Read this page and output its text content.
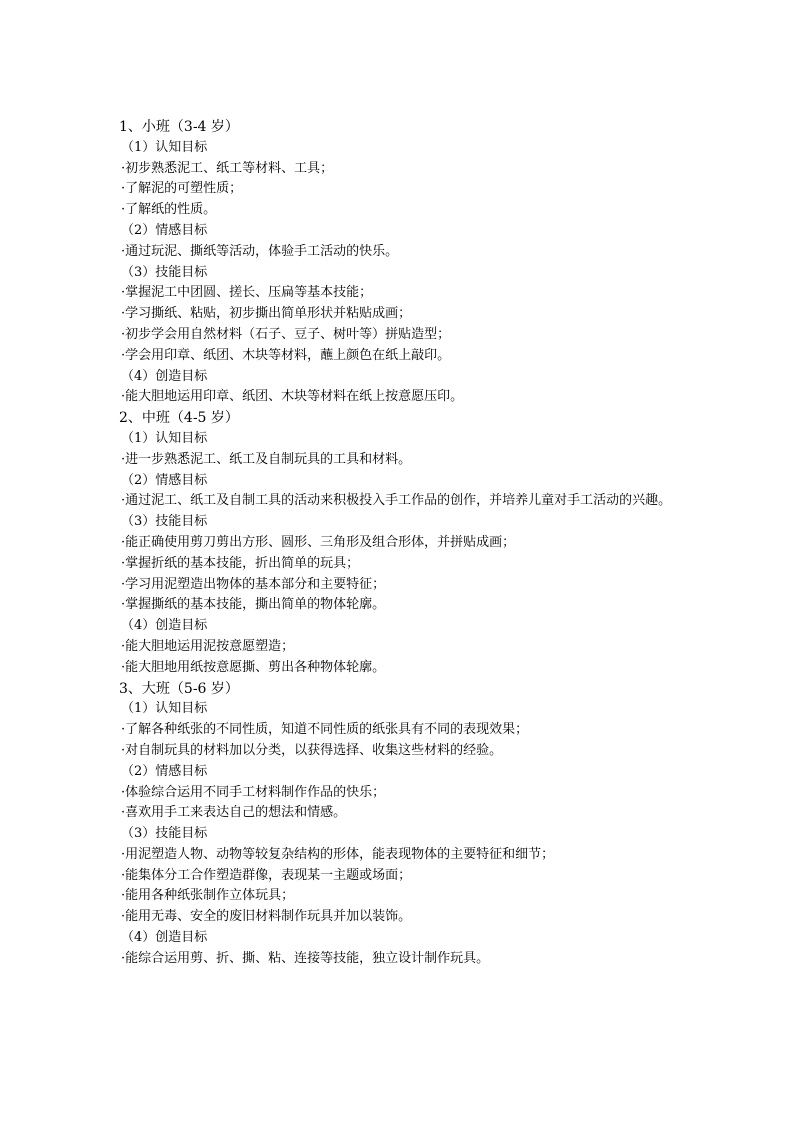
1、小班（3-4 岁）
（1）认知目标
·初步熟悉泥工、纸工等材料、工具；
·了解泥的可塑性质；
·了解纸的性质。
（2）情感目标
·通过玩泥、撕纸等活动，体验手工活动的快乐。
（3）技能目标
·掌握泥工中团圆、搓长、压扁等基本技能；
·学习撕纸、粘贴，初步撕出简单形状并粘贴成画；
·初步学会用自然材料（石子、豆子、树叶等）拼贴造型；
·学会用印章、纸团、木块等材料，蘸上颜色在纸上敲印。
（4）创造目标
·能大胆地运用印章、纸团、木块等材料在纸上按意愿压印。
2、中班（4-5 岁）
（1）认知目标
·进一步熟悉泥工、纸工及自制玩具的工具和材料。
（2）情感目标
·通过泥工、纸工及自制工具的活动来积极投入手工作品的创作，并培养儿童对手工活动的兴趣。
（3）技能目标
·能正确使用剪刀剪出方形、圆形、三角形及组合形体，并拼贴成画；
·掌握折纸的基本技能，折出简单的玩具；
·学习用泥塑造出物体的基本部分和主要特征；
·掌握撕纸的基本技能，撕出简单的物体轮廓。
（4）创造目标
·能大胆地运用泥按意愿塑造；
·能大胆地用纸按意愿撕、剪出各种物体轮廓。
3、大班（5-6 岁）
（1）认知目标
·了解各种纸张的不同性质，知道不同性质的纸张具有不同的表现效果；
·对自制玩具的材料加以分类，以获得选择、收集这些材料的经验。
（2）情感目标
·体验综合运用不同手工材料制作作品的快乐；
·喜欢用手工来表达自己的想法和情感。
（3）技能目标
·用泥塑造人物、动物等较复杂结构的形体，能表现物体的主要特征和细节；
·能集体分工合作塑造群像，表现某一主题或场面；
·能用各种纸张制作立体玩具；
·能用无毒、安全的废旧材料制作玩具并加以装饰。
（4）创造目标
·能综合运用剪、折、撕、粘、连接等技能，独立设计制作玩具。
